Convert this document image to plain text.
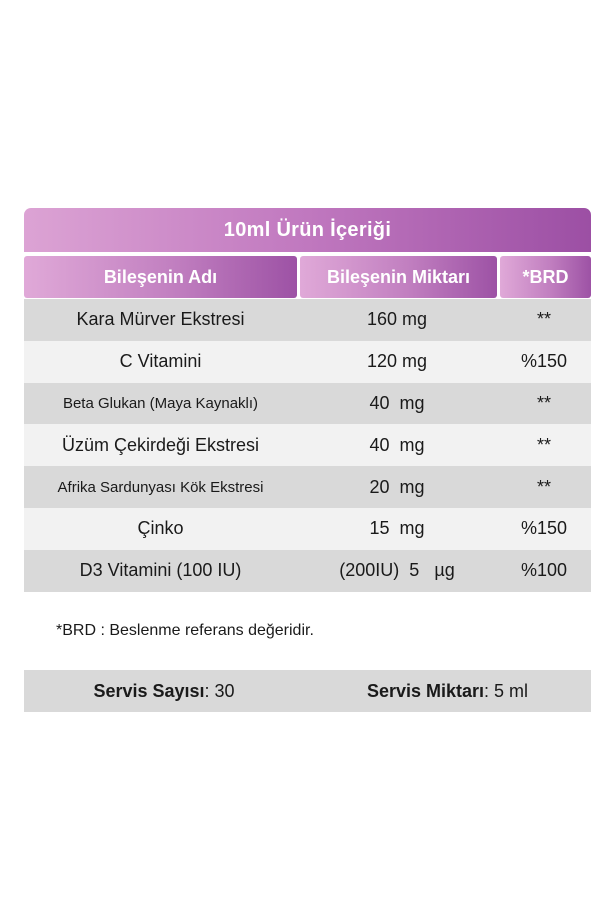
10ml Ürün İçeriği
Bileşenin Adı	Bileşenin Miktarı	*BRD
Kara Mürver Ekstresi	160 mg	**
C Vitamini	120 mg	%150
Beta Glukan (Maya Kaynaklı)	40  mg	**
Üzüm Çekirdeği Ekstresi	40  mg	**
Afrika Sardunyası Kök Ekstresi	20  mg	**
Çinko	15  mg	%150
D3 Vitamini (100 IU)	(200IU)  5   µg	%100
*BRD : Beslenme referans değeridir.
Servis Sayısı: 30	Servis Miktarı: 5 ml
